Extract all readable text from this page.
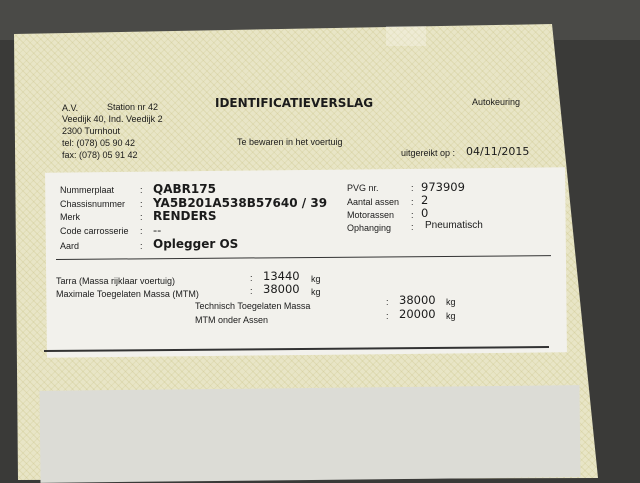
A.V.	Station nr 42
Veedijk 40, Ind. Veedijk 2
2300 Turnhout
tel: (078) 05 90 42
fax: (078) 05 91 42
IDENTIFICATIEVERSLAG	Autokeuring
Te bewaren in het voertuig
uitgereikt op : 04/11/2015
Nummerplaat	: QABR175
Chassisnummer : YA5B201A538B57640 / 39
Merk	: RENDERS
Code carrosserie : --
Aard	: Oplegger OS
PVG nr.	: 973909
Aantal assen : 2
Motorassen : 0
Ophanging : Pneumatisch
Tarra (Massa rijklaar voertuig)	: 13440 kg
Maximale Toegelaten Massa (MTM)	: 38000 kg
Technisch Toegelaten Massa	: 38000 kg
MTM onder Assen	: 20000 kg
